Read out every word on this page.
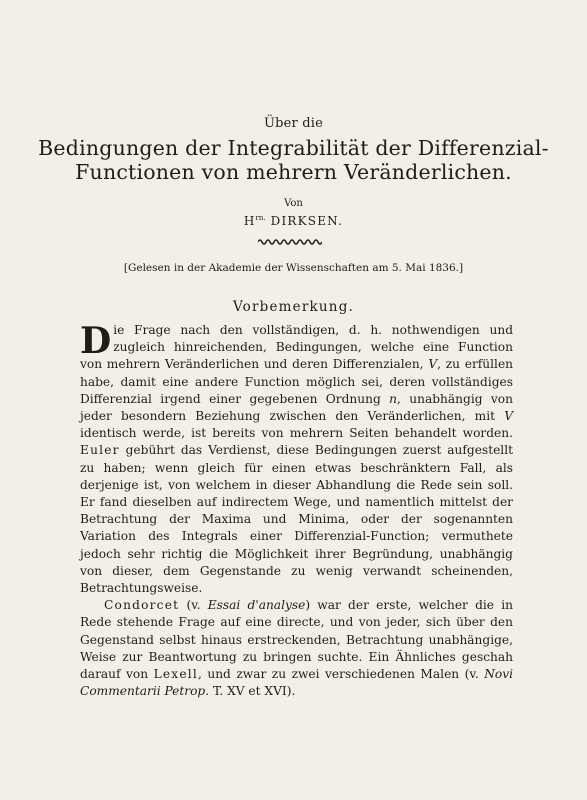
Über die
Bedingungen der Integrabilität der Differenzial-
Functionen von mehrern Veränderlichen.
Von
$H^{rn.}$ DIRKSEN.
[Gelesen in der Akademie der Wissenschaften am 5. Mai 1836.]
Vorbemerkung.

Die Frage nach den vollständigen, d. h. nothwendigen und zugleich hinreichenden, Bedingungen, welche eine Function von mehrern Veränderlichen und deren Differenzialen, V, zu erfüllen habe, damit eine andere Function möglich sei, deren vollständiges Differenzial irgend einer gegebenen Ordnung n, unabhängig von jeder besondern Beziehung zwischen den Veränderlichen, mit V identisch werde, ist bereits von mehrern Seiten behandelt worden. Euler gebührt das Verdienst, diese Bedingungen zuerst aufgestellt zu haben; wenn gleich für einen etwas beschränktern Fall, als derjenige ist, von welchem in dieser Abhandlung die Rede sein soll. Er fand dieselben auf indirectem Wege, und namentlich mittelst der Betrachtung der Maxima und Minima, oder der sogenannten Variation des Integrals einer Differenzial-Function; vermuthete jedoch sehr richtig die Möglichkeit ihrer Begründung, unabhängig von dieser, dem Gegenstande zu wenig verwandt scheinenden, Betrachtungsweise.

Condorcet (v. Essai d'analyse) war der erste, welcher die in Rede stehende Frage auf eine directe, und von jeder, sich über den Gegenstand selbst hinaus erstreckenden, Betrachtung unabhängige, Weise zur Beantwortung zu bringen suchte. Ein Ähnliches geschah darauf von Lexell, und zwar zu zwei verschiedenen Malen (v. Novi Commentarii Petrop. T. XV et XVI).
